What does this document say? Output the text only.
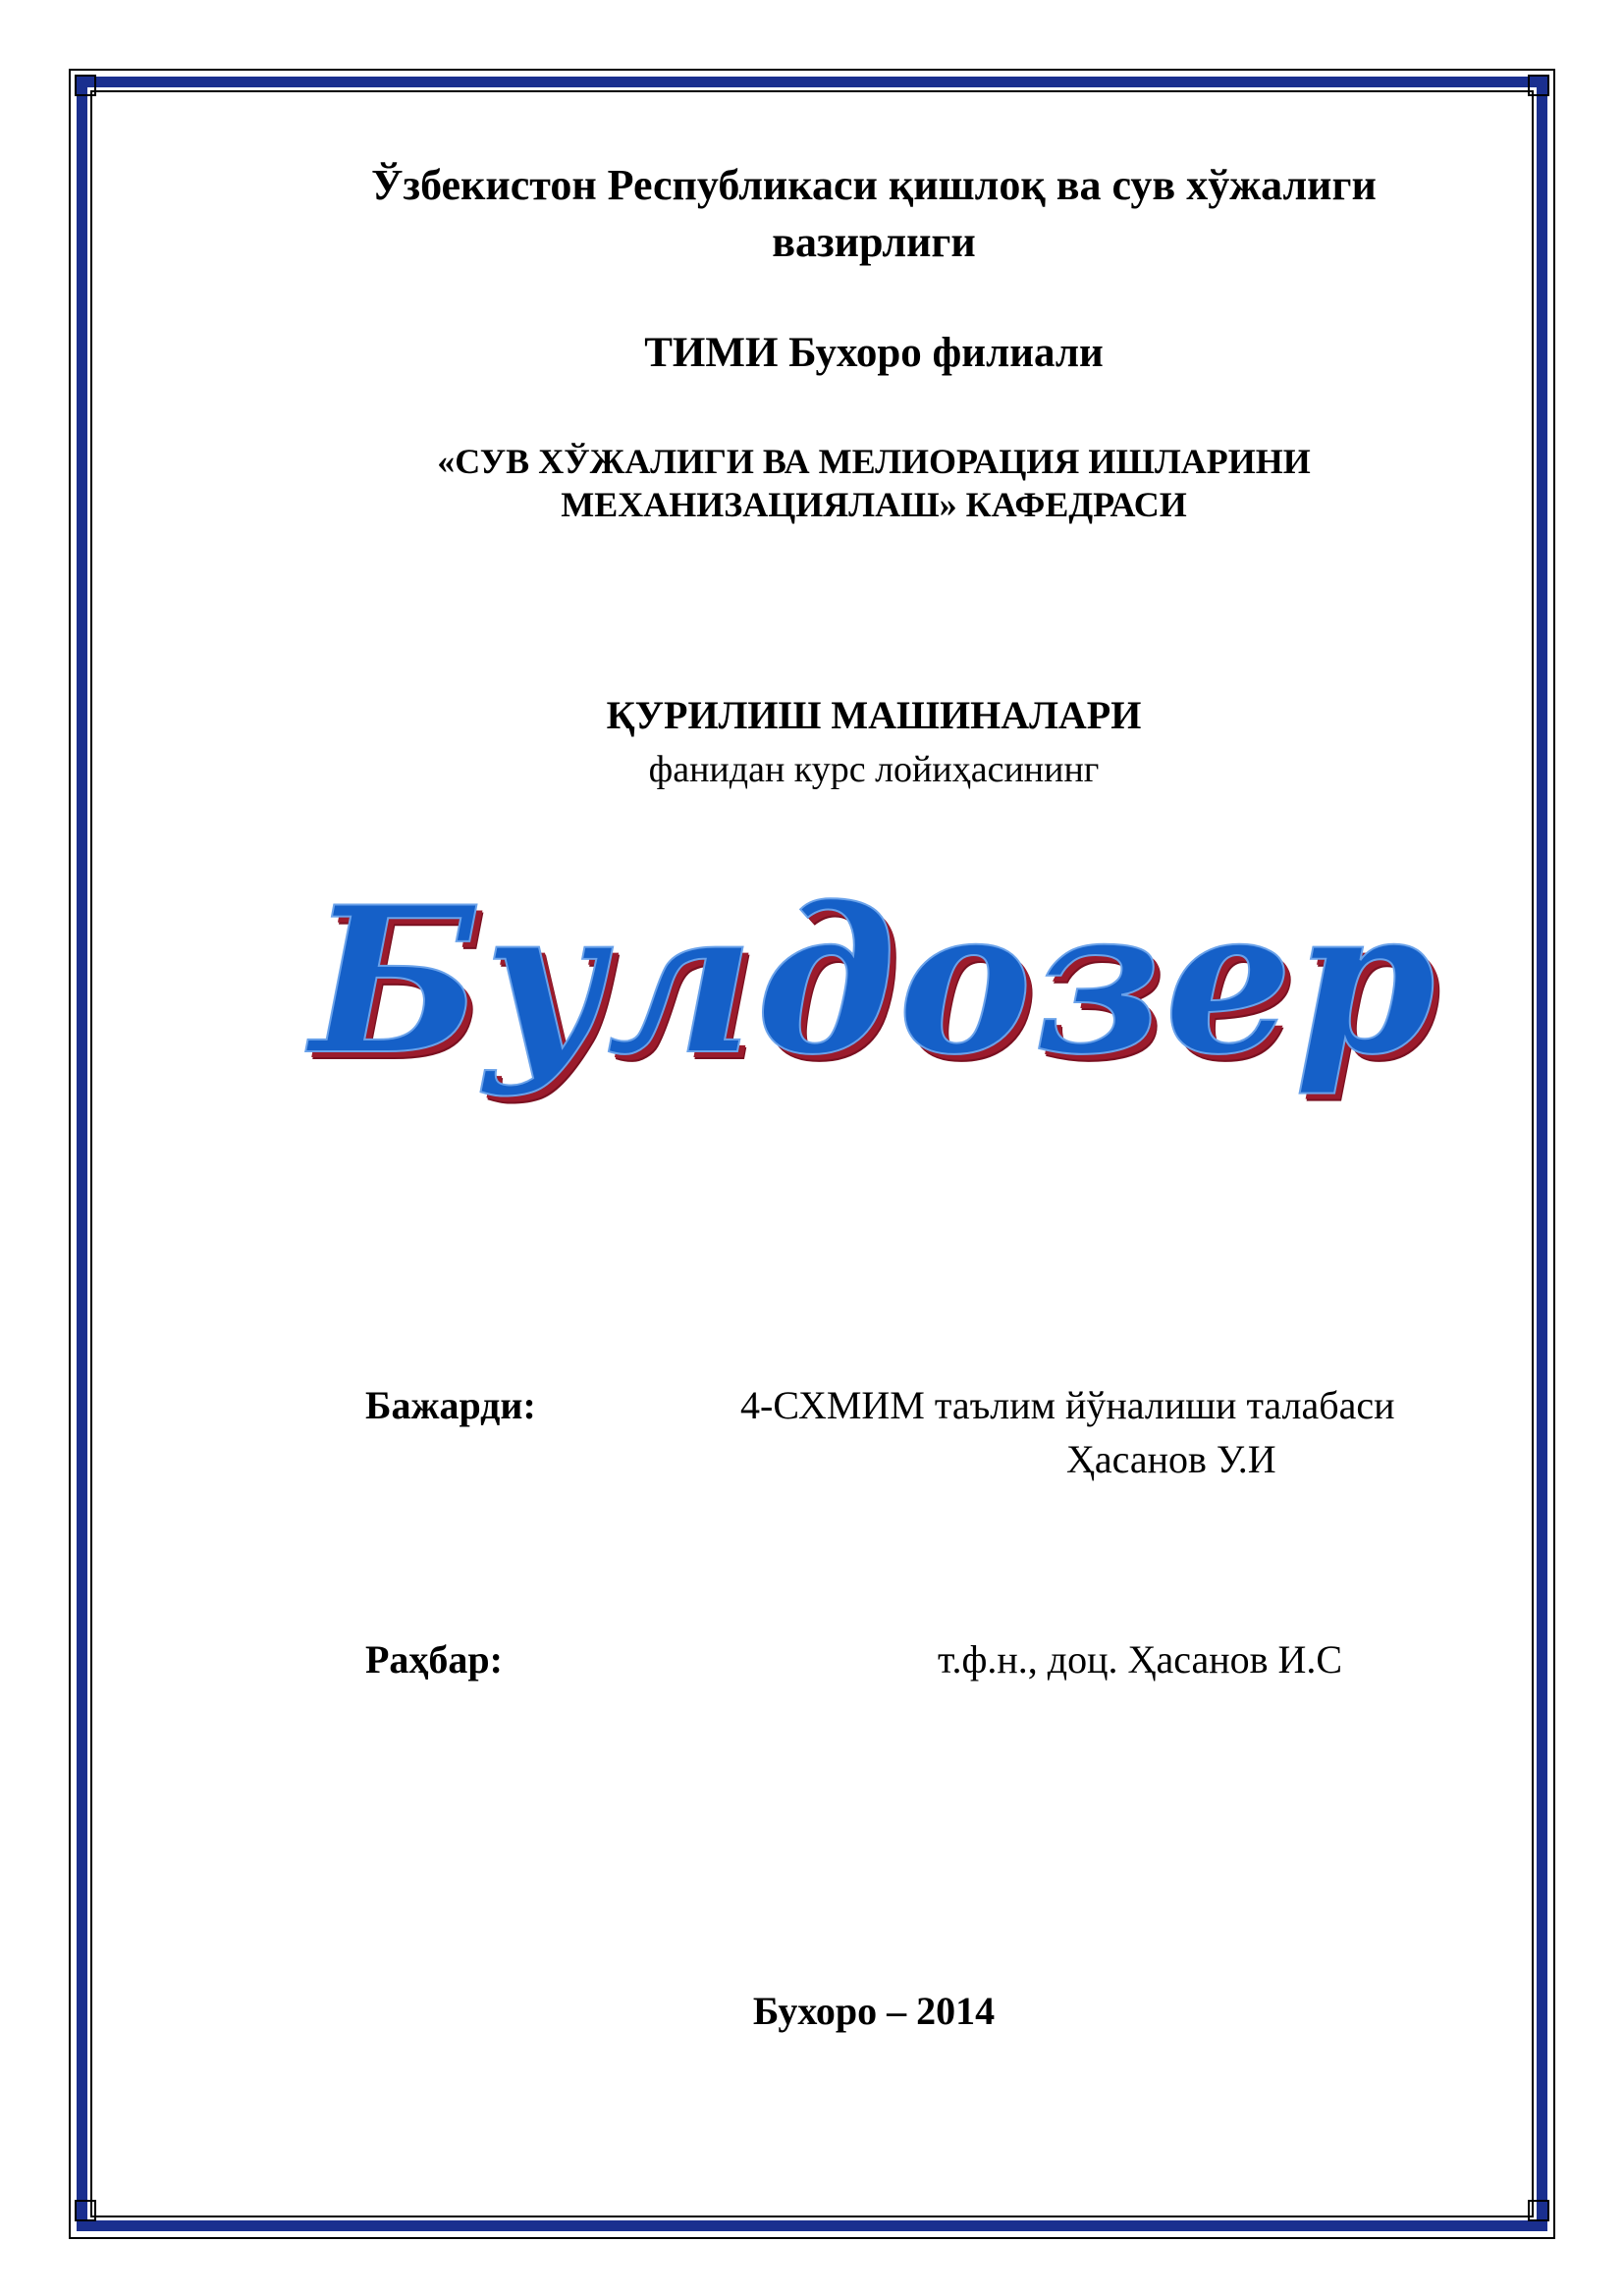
Ўзбекистон Республикаси қишлоқ ва сув хўжалиги
вазирлиги
ТИМИ Бухоро филиали
«СУВ ХЎЖАЛИГИ ВА МЕЛИОРАЦИЯ ИШЛАРИНИ
МЕХАНИЗАЦИЯЛАШ» КАФЕДРАСИ
ҚУРИЛИШ МАШИНАЛАРИ
фанидан курс лойиҳасининг
Булдозер
Бажарди:	4-СХМИМ таълим йўналиши талабаси
Ҳасанов У.И
Раҳбар:	т.ф.н., доц. Ҳасанов И.С
Бухоро – 2014
